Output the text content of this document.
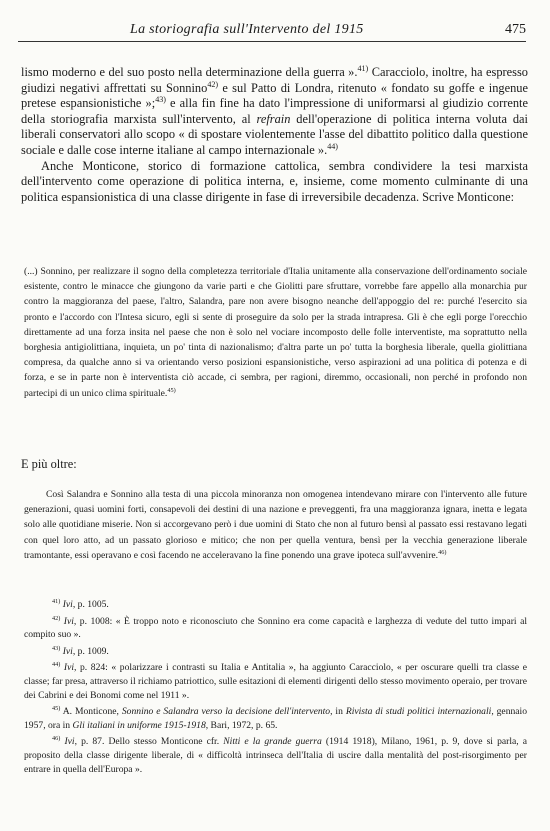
La storiografia sull'Intervento del 1915	475

lismo moderno e del suo posto nella determinazione della guerra ».$^{41)}$ Caracciolo, inoltre, ha espresso giudizi negativi affrettati su Sonnino$^{42)}$ e sul Patto di Londra, ritenuto « fondato su goffe e ingenue pretese espansionistiche »;$^{43)}$ e alla fin fine ha dato l'impressione di uniformarsi al giudizio corrente della storiografia marxista sull'intervento, al refrain dell'operazione di politica interna voluta dai liberali conservatori allo scopo « di spostare violentemente l'asse del dibattito politico dalla questione sociale e dalle cose interne italiane al campo internazionale ».$^{44)}$

Anche Monticone, storico di formazione cattolica, sembra condividere la tesi marxista dell'intervento come operazione di politica interna, e, insieme, come momento culminante di una politica espansionistica di una classe dirigente in fase di irreversibile decadenza. Scrive Monticone:

(...) Sonnino, per realizzare il sogno della completezza territoriale d'Italia unitamente alla conservazione dell'ordinamento sociale esistente, contro le minacce che giungono da varie parti e che Giolitti pare sfruttare, vorrebbe fare appello alla monarchia pur contro la maggioranza del paese, l'altro, Salandra, pare non avere bisogno neanche dell'appoggio del re: purché l'esercito sia pronto e l'accordo con l'Intesa sicuro, egli si sente di proseguire da solo per la strada intrapresa. Gli è che egli porge l'orecchio direttamente ad una forza insita nel paese che non è solo nel vociare incomposto delle folle interventiste, ma soprattutto nella borghesia antigiolittiana, inquieta, un po' tinta di nazionalismo; d'altra parte un po' tutta la borghesia liberale, quella giolittiana compresa, da qualche anno si va orientando verso posizioni espansionistiche, verso aspirazioni ad una politica di potenza e di forza, e se in parte non è interventista ciò accade, ci sembra, per ragioni, diremmo, occasionali, non perché in profondo non partecipi di un unico clima spirituale.$^{45)}$

E più oltre:

Così Salandra e Sonnino alla testa di una piccola minoranza non omogenea intendevano mirare con l'intervento alle future generazioni, quasi uomini forti, consapevoli dei destini di una nazione e preveggenti, fra una maggioranza ignara, inetta e legata solo alle quotidiane miserie. Non si accorgevano però i due uomini di Stato che non al futuro bensì al passato essi restavano legati con quel loro atto, ad un passato glorioso e mitico; che non per quella ventura, bensì per la vecchia generazione liberale tramontante, essi operavano e così facendo ne acceleravano la fine ponendo una grave ipoteca sull'avvenire.$^{46)}$

$^{41)}$ Ivi, p. 1005.

$^{42)}$ Ivi, p. 1008: « È troppo noto e riconosciuto che Sonnino era come capacità e larghezza di vedute del tutto impari al compito suo ».

$^{43)}$ Ivi, p. 1009.

$^{44)}$ Ivi, p. 824: « polarizzare i contrasti su Italia e Antitalia », ha aggiunto Caracciolo, « per oscurare quelli tra classe e classe; far presa, attraverso il richiamo patriottico, sulle esitazioni di elementi dirigenti dello stesso movimento operaio, per trovare dei Cabrini e dei Bonomi come nel 1911 ».

$^{45)}$ A. Monticone, Sonnino e Salandra verso la decisione dell'intervento, in Rivista di studi politici internazionali, gennaio 1957, ora in Gli italiani in uniforme 1915-1918, Bari, 1972, p. 65.

$^{46)}$ Ivi, p. 87. Dello stesso Monticone cfr. Nitti e la grande guerra (1914 1918), Milano, 1961, p. 9, dove si parla, a proposito della classe dirigente liberale, di « difficoltà intrinseca dell'Italia di uscire dalla mentalità del post-risorgimento per entrare in quella dell'Europa ».
